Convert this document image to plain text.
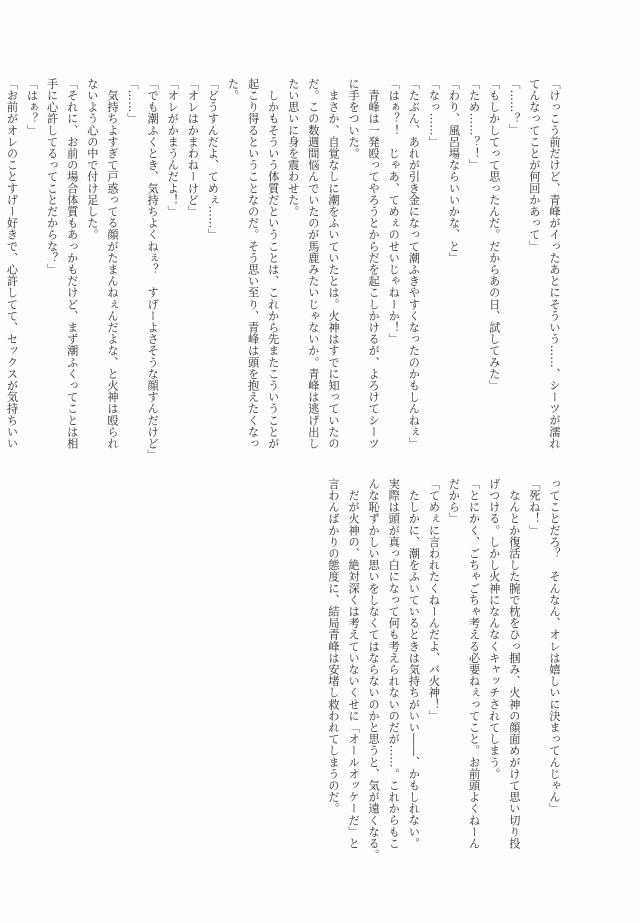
「けっこう前だけど、青峰がイったあとにそういう……、シーツが濡れ
てんなってことが何回かあって」
「……？」
「もしかしてって思ったんだ。だからあの日、試してみた」
「ため……？！」
「わり、風呂場ならいいかな、と」
「なっ……」
「たぶん、あれが引き金になって潮ふきやすくなったのかもしんねぇ」
「はぁ？！　じゃあ、てめぇのせいじゃねーか！」
　青峰は一発殴ってやろうとからだを起こしかけるが、よろけてシーツ
に手をついた。
　まさか、自覚なしに潮をふいていたとは。火神はすでに知っていたの
だ。この数週間悩んでいたのが馬鹿みたいじゃないか。青峰は逃げ出し
たい思いに身を震わせた。
　しかもそういう体質だということは、これから先またこういうことが
起こり得るということなのだ。そう思い至り、青峰は頭を抱えたくなっ
た。
「どうすんだよ、てめぇ……」
「オレはかまわねーけど」
「オレがかまうんだよ！」
「でも潮ふくとき、気持ちよくねぇ？　すげーよさそうな顔すんだけど」
「……」
　気持ちよすぎて戸惑ってる顔がたまんねぇんだよな、と火神は殴られ
ないよう心の中で付け足した。
「それに、お前の場合体質もあっかもだけど、まず潮ふくってことは相
手に心許してるってことだからな？」
「はぁ？」
「お前がオレのことすげー好きで、心許してて、セックスが気持ちいい
ってことだろ？　そんなん、オレは嬉しいに決まってんじゃん」
「死ね！」
　なんとか復活した腕で枕をひっ掴み、火神の顔面めがけて思い切り投
げつける。しかし火神になんなくキャッチされてしまう。
「とにかく、ごちゃごちゃ考える必要ねぇってこと。お前頭よくねーん
だから」
「てめぇに言われたくねーんだよ、バ火神！」
　たしかに、潮をふいているときは気持ちがいい――、かもしれない。
実際は頭が真っ白になって何も考えられないのだが……。これからもこ
んな恥ずかしい思いをしなくてはならないのかと思うと、気が遠くなる。
　だが火神の、絶対深くは考えていないくせに「オールオッケーだ」と
言わんばかりの態度に、結局青峰は安堵し救われてしまうのだ。
